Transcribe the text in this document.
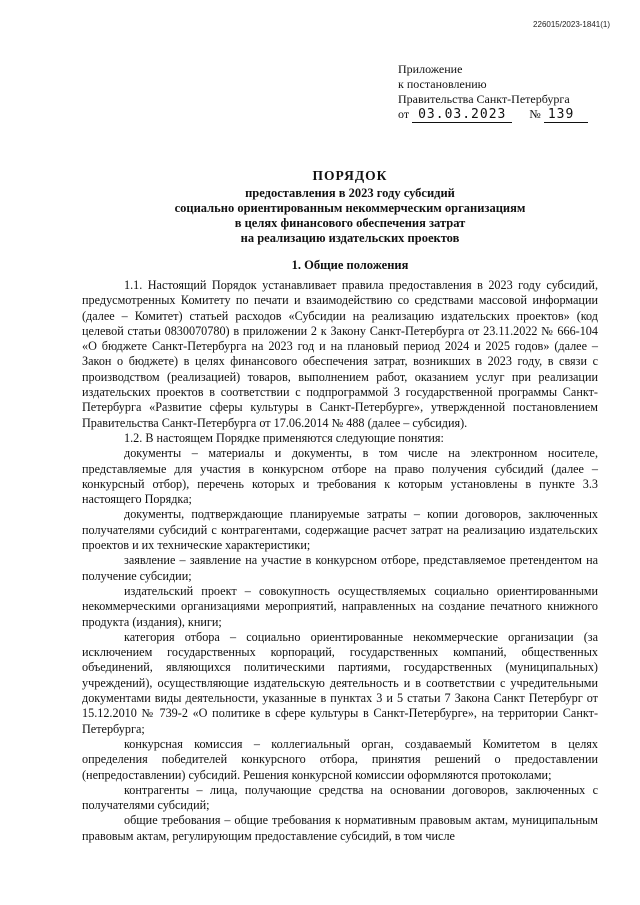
226015/2023-1841(1)
Приложение
к постановлению
Правительства Санкт-Петербурга
от 03.03.2023 № 139
ПОРЯДОК
предоставления в 2023 году субсидий
социально ориентированным некоммерческим организациям
в целях финансового обеспечения затрат
на реализацию издательских проектов
1. Общие положения

1.1. Настоящий Порядок устанавливает правила предоставления в 2023 году субсидий, предусмотренных Комитету по печати и взаимодействию со средствами массовой информации (далее – Комитет) статьей расходов «Субсидии на реализацию издательских проектов» (код целевой статьи 0830070780) в приложении 2 к Закону Санкт-Петербурга от 23.11.2022 № 666-104 «О бюджете Санкт-Петербурга на 2023 год и на плановый период 2024 и 2025 годов» (далее – Закон о бюджете) в целях финансового обеспечения затрат, возникших в 2023 году, в связи с производством (реализацией) товаров, выполнением работ, оказанием услуг при реализации издательских проектов в соответствии с подпрограммой 3 государственной программы Санкт-Петербурга «Развитие сферы культуры в Санкт-Петербурге», утвержденной постановлением Правительства Санкт-Петербурга от 17.06.2014 № 488 (далее – субсидия).

1.2. В настоящем Порядке применяются следующие понятия:

документы – материалы и документы, в том числе на электронном носителе, представляемые для участия в конкурсном отборе на право получения субсидий (далее – конкурсный отбор), перечень которых и требования к которым установлены в пункте 3.3 настоящего Порядка;

документы, подтверждающие планируемые затраты – копии договоров, заключенных получателями субсидий с контрагентами, содержащие расчет затрат на реализацию издательских проектов и их технические характеристики;

заявление – заявление на участие в конкурсном отборе, представляемое претендентом на получение субсидии;

издательский проект – совокупность осуществляемых социально ориентированными некоммерческими организациями мероприятий, направленных на создание печатного книжного продукта (издания), книги;

категория отбора – социально ориентированные некоммерческие организации (за исключением государственных корпораций, государственных компаний, общественных объединений, являющихся политическими партиями, государственных (муниципальных) учреждений), осуществляющие издательскую деятельность и в соответствии с учредительными документами виды деятельности, указанные в пунктах 3 и 5 статьи 7 Закона Санкт Петербург от 15.12.2010 № 739-2 «О политике в сфере культуры в Санкт-Петербурге», на территории Санкт-Петербурга;

конкурсная комиссия – коллегиальный орган, создаваемый Комитетом в целях определения победителей конкурсного отбора, принятия решений о предоставлении (непредоставлении) субсидий. Решения конкурсной комиссии оформляются протоколами;

контрагенты – лица, получающие средства на основании договоров, заключенных с получателями субсидий;

общие требования – общие требования к нормативным правовым актам, муниципальным правовым актам, регулирующим предоставление субсидий, в том числе
